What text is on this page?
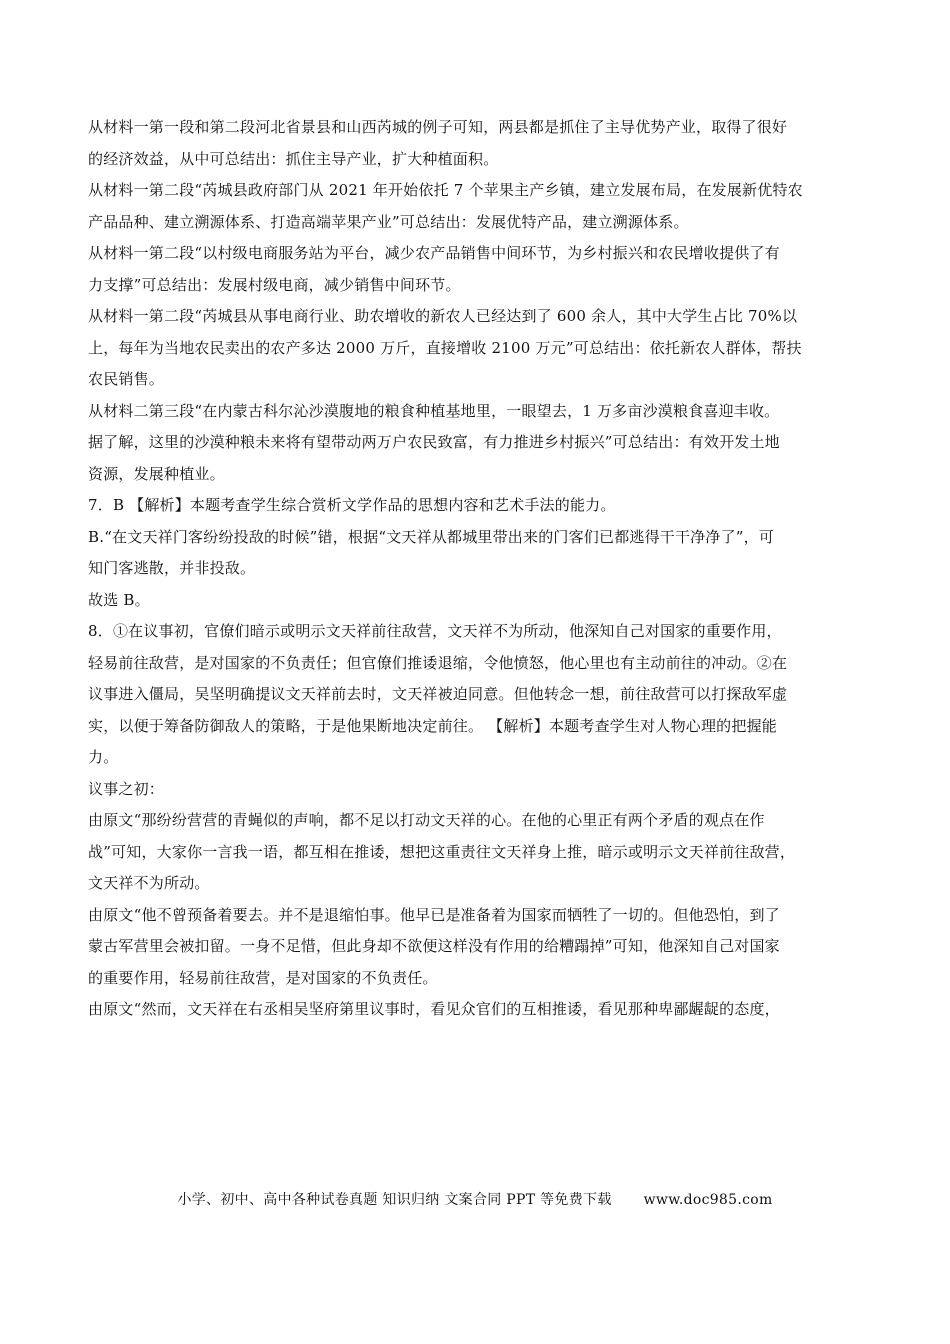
从材料一第一段和第二段河北省景县和山西芮城的例子可知，两县都是抓住了主导优势产业，取得了很好
的经济效益，从中可总结出：抓住主导产业，扩大种植面积。
从材料一第二段“芮城县政府部门从 2021 年开始依托 7 个苹果主产乡镇，建立发展布局，在发展新优特农
产品品种、建立溯源体系、打造高端苹果产业”可总结出：发展优特产品，建立溯源体系。
从材料一第二段“以村级电商服务站为平台，减少农产品销售中间环节，为乡村振兴和农民增收提供了有
力支撑”可总结出：发展村级电商，减少销售中间环节。
从材料一第二段“芮城县从事电商行业、助农增收的新农人已经达到了 600 余人，其中大学生占比 70%以
上，每年为当地农民卖出的农产多达 2000 万斤，直接增收 2100 万元”可总结出：依托新农人群体，帮扶
农民销售。
从材料二第三段“在内蒙古科尔沁沙漠腹地的粮食种植基地里，一眼望去，1 万多亩沙漠粮食喜迎丰收。
据了解，这里的沙漠种粮未来将有望带动两万户农民致富，有力推进乡村振兴”可总结出：有效开发土地
资源，发展种植业。
7．B 【解析】本题考查学生综合赏析文学作品的思想内容和艺术手法的能力。
B.“在文天祥门客纷纷投敌的时候”错，根据“文天祥从都城里带出来的门客们已都逃得干干净净了”，可
知门客逃散，并非投敌。
故选 B。
8．①在议事初，官僚们暗示或明示文天祥前往敌营，文天祥不为所动，他深知自己对国家的重要作用，
轻易前往敌营，是对国家的不负责任；但官僚们推诿退缩，令他愤怒，他心里也有主动前往的冲动。②在
议事进入僵局，吴坚明确提议文天祥前去时，文天祥被迫同意。但他转念一想，前往敌营可以打探敌军虚
实，以便于筹备防御敌人的策略，于是他果断地决定前往。 【解析】本题考查学生对人物心理的把握能
力。
议事之初：
由原文“那纷纷营营的青蝇似的声响，都不足以打动文天祥的心。在他的心里正有两个矛盾的观点在作
战”可知，大家你一言我一语，都互相在推诿，想把这重责往文天祥身上推，暗示或明示文天祥前往敌营，
文天祥不为所动。
由原文“他不曾预备着要去。并不是退缩怕事。他早已是准备着为国家而牺牲了一切的。但他恐怕，到了
蒙古军营里会被扣留。一身不足惜，但此身却不欲便这样没有作用的给糟蹋掉”可知，他深知自己对国家
的重要作用，轻易前往敌营，是对国家的不负责任。
由原文“然而，文天祥在右丞相吴坚府第里议事时，看见众官们的互相推诿，看见那种卑鄙龌龊的态度，
小学、初中、高中各种试卷真题 知识归纳 文案合同 PPT 等免费下载 www.doc985.com
